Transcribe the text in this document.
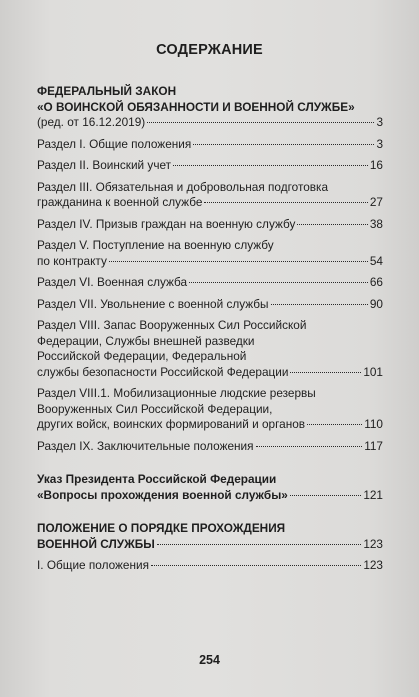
СОДЕРЖАНИЕ
ФЕДЕРАЛЬНЫЙ ЗАКОН
«О ВОИНСКОЙ ОБЯЗАННОСТИ И ВОЕННОЙ СЛУЖБЕ»
(ред. от 16.12.2019)	3
Раздел I. Общие положения	3
Раздел II. Воинский учет	16
Раздел III. Обязательная и добровольная подготовка
гражданина к военной службе	27
Раздел IV. Призыв граждан на военную службу	38
Раздел V. Поступление на военную службу
по контракту	54
Раздел VI. Военная служба	66
Раздел VII. Увольнение с военной службы	90
Раздел VIII. Запас Вооруженных Сил Российской
Федерации, Службы внешней разведки
Российской Федерации, Федеральной
службы безопасности Российской Федерации	101
Раздел VIII.1. Мобилизационные людские резервы
Вооруженных Сил Российской Федерации,
других войск, воинских формирований и органов	110
Раздел IX. Заключительные положения	117
Указ Президента Российской Федерации
«Вопросы прохождения военной службы»	121
ПОЛОЖЕНИЕ О ПОРЯДКЕ ПРОХОЖДЕНИЯ
ВОЕННОЙ СЛУЖБЫ	123
I. Общие положения	123
254
